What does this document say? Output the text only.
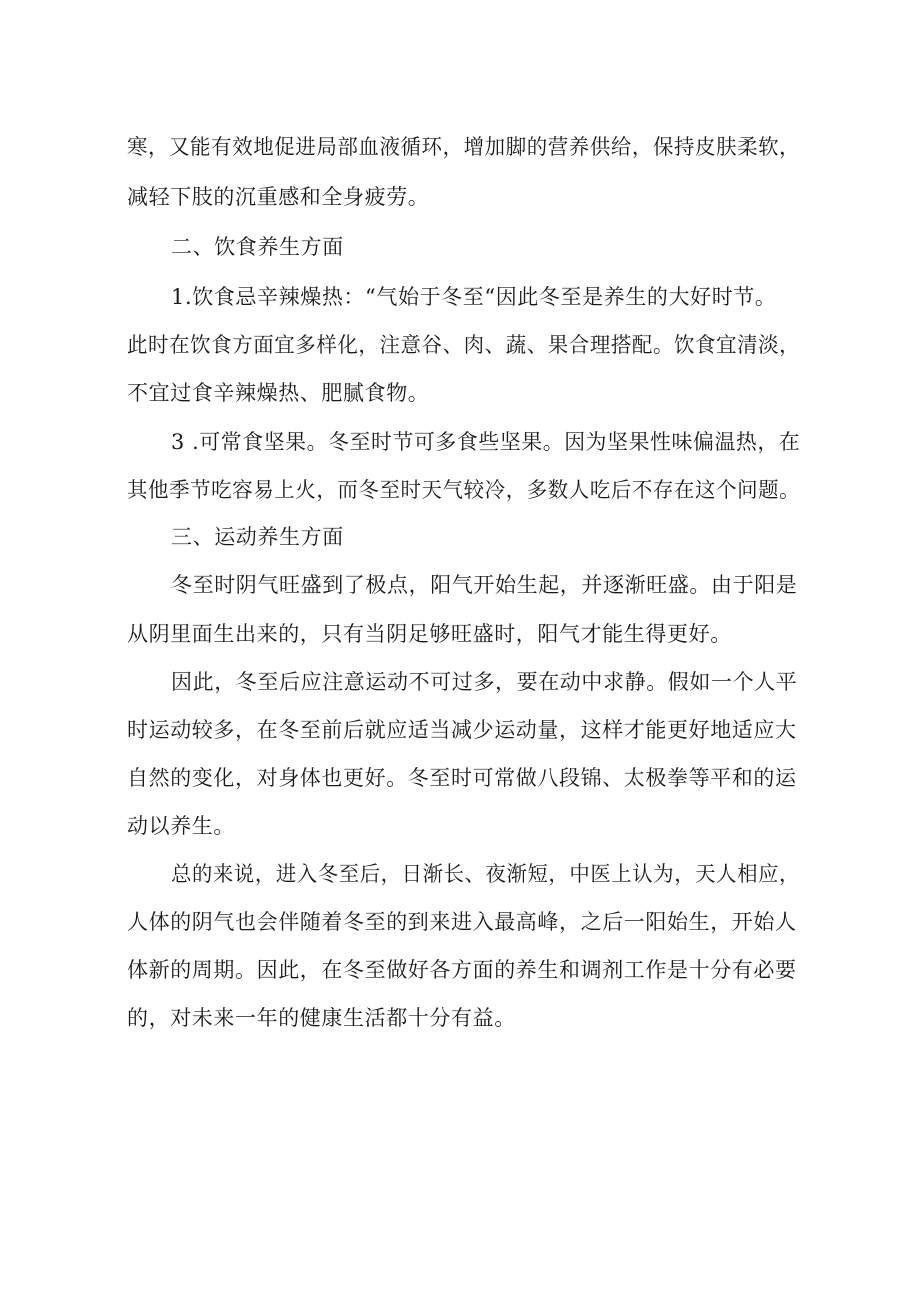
寒，又能有效地促进局部血液循环，增加脚的营养供给，保持皮肤柔软，
减轻下肢的沉重感和全身疲劳。
二、饮食养生方面
1.饮食忌辛辣燥热：“气始于冬至“因此冬至是养生的大好时节。
此时在饮食方面宜多样化，注意谷、肉、蔬、果合理搭配。饮食宜清淡，
不宜过食辛辣燥热、肥腻食物。
3 .可常食坚果。冬至时节可多食些坚果。因为坚果性味偏温热，在
其他季节吃容易上火，而冬至时天气较冷，多数人吃后不存在这个问题。
三、运动养生方面
冬至时阴气旺盛到了极点，阳气开始生起，并逐渐旺盛。由于阳是
从阴里面生出来的，只有当阴足够旺盛时，阳气才能生得更好。
因此，冬至后应注意运动不可过多，要在动中求静。假如一个人平
时运动较多，在冬至前后就应适当减少运动量，这样才能更好地适应大
自然的变化，对身体也更好。冬至时可常做八段锦、太极拳等平和的运
动以养生。
总的来说，进入冬至后，日渐长、夜渐短，中医上认为，天人相应，
人体的阴气也会伴随着冬至的到来进入最高峰，之后一阳始生，开始人
体新的周期。因此，在冬至做好各方面的养生和调剂工作是十分有必要
的，对未来一年的健康生活都十分有益。
